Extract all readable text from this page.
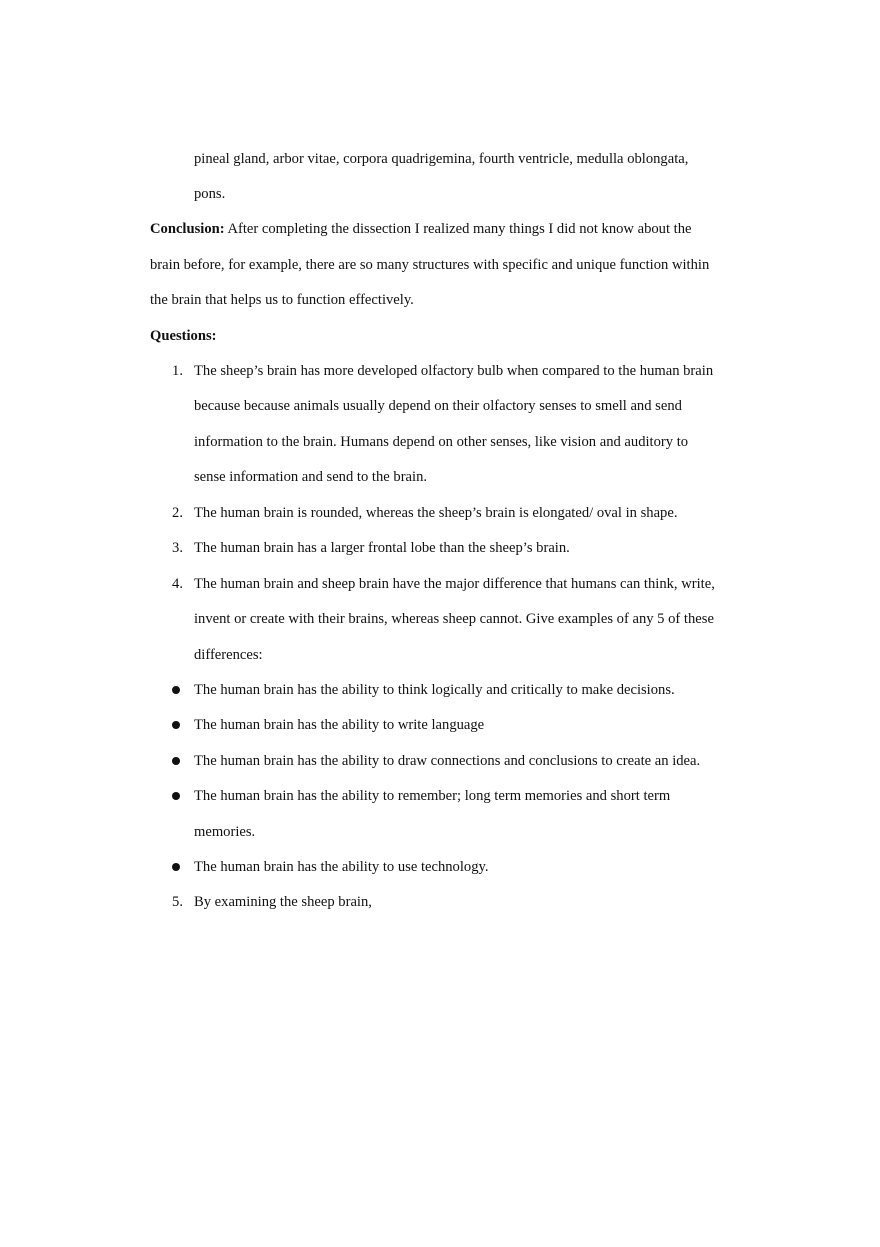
pineal gland, arbor vitae, corpora quadrigemina, fourth ventricle, medulla oblongata,
pons.
Conclusion: After completing the dissection I realized many things I did not know about the
brain before, for example, there are so many structures with specific and unique function within
the brain that helps us to function effectively.
Questions:
1. The sheep’s brain has more developed olfactory bulb when compared to the human brain
because because animals usually depend on their olfactory senses to smell and send
information to the brain. Humans depend on other senses, like vision and auditory to
sense information and send to the brain.
2. The human brain is rounded, whereas the sheep’s brain is elongated/ oval in shape.
3. The human brain has a larger frontal lobe than the sheep’s brain.
4. The human brain and sheep brain have the major difference that humans can think, write,
invent or create with their brains, whereas sheep cannot. Give examples of any 5 of these
differences:
The human brain has the ability to think logically and critically to make decisions.
The human brain has the ability to write language
The human brain has the ability to draw connections and conclusions to create an idea.
The human brain has the ability to remember; long term memories and short term
memories.
The human brain has the ability to use technology.
5. By examining the sheep brain,
